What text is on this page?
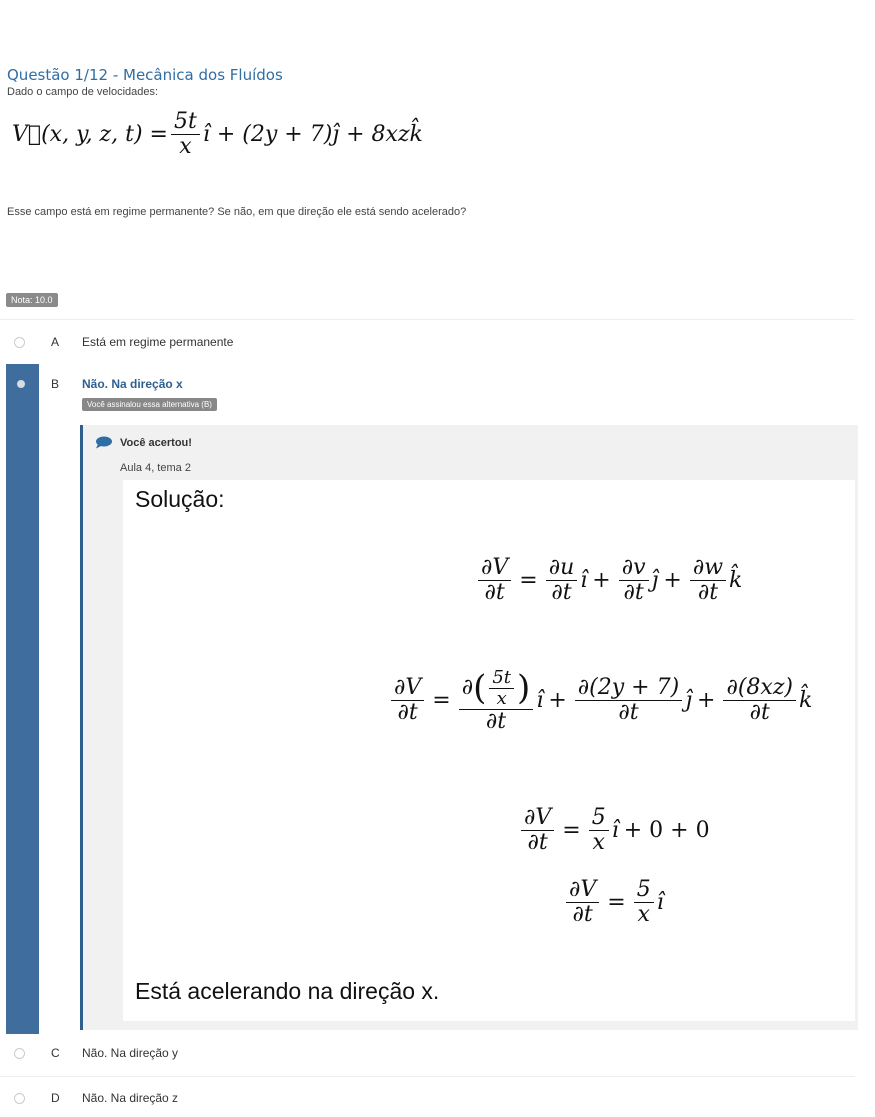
Questão 1/12 - Mecânica dos Fluídos
Dado o campo de velocidades:
V⃗(x, y, z, $t) = \frac{5t}{x}$ î + (2y + 7)ĵ + 8xzk̂
Esse campo está em regime permanente? Se não, em que direção ele está sendo acelerado?
Nota: 10.0
A Está em regime permanente
B Não. Na direção x
Você assinalou essa alternativa (B)
Você acertou!
Aula 4, tema 2
Solução:
$\frac{\partial V}{\partial t} = \frac{\partial u}{\partial t}$ î + $\frac{\partial v}{\partial t}$ ĵ + $\frac{\partial w}{\partial t}$ k̂
$\frac{\partial V}{\partial t} = \frac{\partial ( \frac{5t}{x} )}{\partial t}$ î + $\frac{\partial(2y + 7)}{\partial t}$ ĵ + $\frac{\partial(8xz)}{\partial t}$ k̂
$\frac{\partial V}{\partial t} = \frac{5}{x}$ î + 0 + 0
$\frac{\partial V}{\partial t} = \frac{5}{x}$ î
Está acelerando na direção x.
C Não. Na direção y
D Não. Na direção z
